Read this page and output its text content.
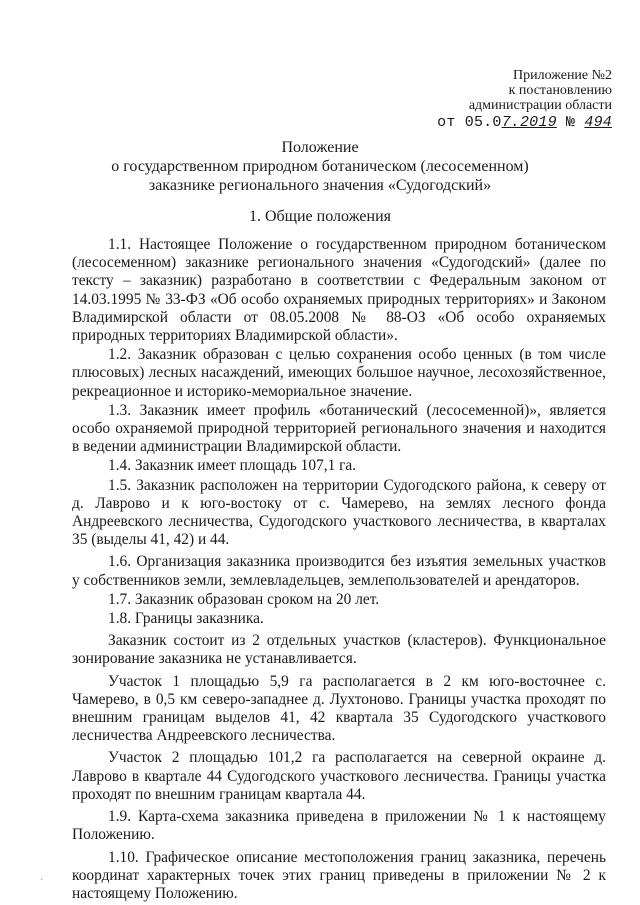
Приложение №2
к постановлению
администрации области
от 05.07.2019 № 494
Положение
о государственном природном ботаническом (лесосеменном)
заказнике регионального значения «Судогодский»
1. Общие положения

1.1. Настоящее Положение о государственном природном ботаническом (лесосеменном) заказнике регионального значения «Судогодский» (далее по тексту – заказник) разработано в соответствии с Федеральным законом от 14.03.1995 № 33-ФЗ «Об особо охраняемых природных территориях» и Законом Владимирской области от 08.05.2008 № 88-ОЗ «Об особо охраняемых природных территориях Владимирской области».

1.2. Заказник образован с целью сохранения особо ценных (в том числе плюсовых) лесных насаждений, имеющих большое научное, лесохозяйственное, рекреационное и историко-мемориальное значение.

1.3. Заказник имеет профиль «ботанический (лесосеменной)», является особо охраняемой природной территорией регионального значения и находится в ведении администрации Владимирской области.

1.4. Заказник имеет площадь 107,1 га.

1.5. Заказник расположен на территории Судогодского района, к северу от д. Лаврово и к юго-востоку от с. Чамерево, на землях лесного фонда Андреевского лесничества, Судогодского участкового лесничества, в кварталах 35 (выделы 41, 42) и 44.

1.6. Организация заказника производится без изъятия земельных участков у собственников земли, землевладельцев, землепользователей и арендаторов.

1.7. Заказник образован сроком на 20 лет.

1.8. Границы заказника.

Заказник состоит из 2 отдельных участков (кластеров). Функциональное зонирование заказника не устанавливается.

Участок 1 площадью 5,9 га располагается в 2 км юго-восточнее с. Чамерево, в 0,5 км северо-западнее д. Лухтоново. Границы участка проходят по внешним границам выделов 41, 42 квартала 35 Судогодского участкового лесничества Андреевского лесничества.

Участок 2 площадью 101,2 га располагается на северной окраине д. Лаврово в квартале 44 Судогодского участкового лесничества. Границы участка проходят по внешним границам квартала 44.

1.9. Карта-схема заказника приведена в приложении № 1 к настоящему Положению.

1.10. Графическое описание местоположения границ заказника, перечень координат характерных точек этих границ приведены в приложении № 2 к настоящему Положению.

·
